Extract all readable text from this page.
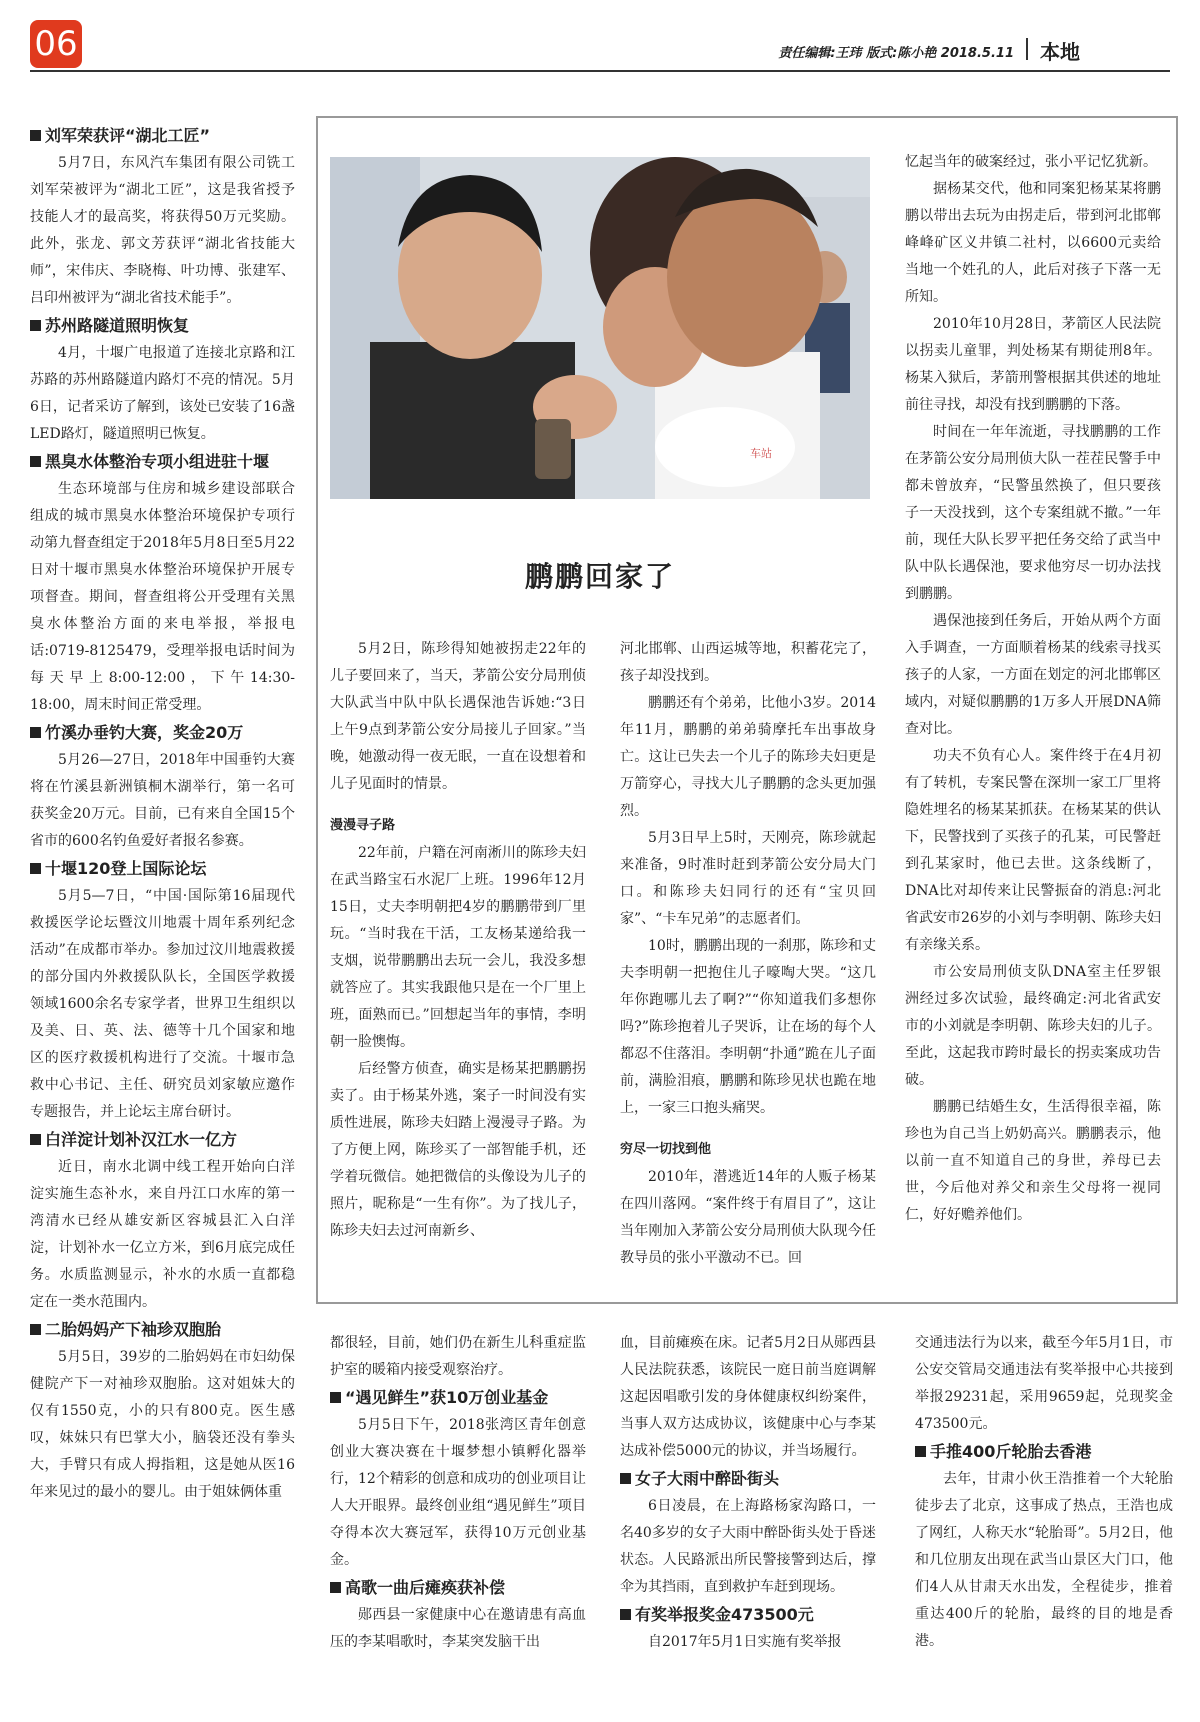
06	责任编辑:王玮 版式:陈小艳 2018.5.11 本地
刘军荣获评“湖北工匠”

5月7日，东风汽车集团有限公司铣工刘军荣被评为“湖北工匠”，这是我省授予技能人才的最高奖，将获得50万元奖励。此外，张龙、郭文芳获评“湖北省技能大师”，宋伟庆、李晓梅、叶功博、张建军、吕印州被评为“湖北省技术能手”。

苏州路隧道照明恢复

4月，十堰广电报道了连接北京路和江苏路的苏州路隧道内路灯不亮的情况。5月6日，记者采访了解到，该处已安装了16盏LED路灯，隧道照明已恢复。

黑臭水体整治专项小组进驻十堰

生态环境部与住房和城乡建设部联合组成的城市黑臭水体整治环境保护专项行动第九督查组定于2018年5月8日至5月22日对十堰市黑臭水体整治环境保护开展专项督查。期间，督查组将公开受理有关黑臭水体整治方面的来电举报，举报电话:0719-8125479，受理举报电话时间为每天早上8:00-12:00，下午14:30-18:00，周末时间正常受理。

竹溪办垂钓大赛，奖金20万

5月26—27日，2018年中国垂钓大赛将在竹溪县新洲镇桐木湖举行，第一名可获奖金20万元。目前，已有来自全国15个省市的600名钓鱼爱好者报名参赛。

十堰120登上国际论坛

5月5—7日，“中国·国际第16届现代救援医学论坛暨汶川地震十周年系列纪念活动”在成都市举办。参加过汶川地震救援的部分国内外救援队队长，全国医学救援领域1600余名专家学者，世界卫生组织以及美、日、英、法、德等十几个国家和地区的医疗救援机构进行了交流。十堰市急救中心书记、主任、研究员刘家敏应邀作专题报告，并上论坛主席台研讨。

白洋淀计划补汉江水一亿方

近日，南水北调中线工程开始向白洋淀实施生态补水，来自丹江口水库的第一湾清水已经从雄安新区容城县汇入白洋淀，计划补水一亿立方米，到6月底完成任务。水质监测显示，补水的水质一直都稳定在一类水范围内。

二胎妈妈产下袖珍双胞胎

5月5日，39岁的二胎妈妈在市妇幼保健院产下一对袖珍双胞胎。这对姐妹大的仅有1550克，小的只有800克。医生感叹，妹妹只有巴掌大小，脑袋还没有拳头大，手臂只有成人拇指粗，这是她从医16年来见过的最小的婴儿。由于姐妹俩体重

车站
鹏鹏回家了

5月2日，陈珍得知她被拐走22年的儿子要回来了，当天，茅箭公安分局刑侦大队武当中队中队长遇保池告诉她:“3日上午9点到茅箭公安分局接儿子回家。”当晚，她激动得一夜无眠，一直在设想着和儿子见面时的情景。

漫漫寻子路

22年前，户籍在河南淅川的陈珍夫妇在武当路宝石水泥厂上班。1996年12月15日，丈夫李明朝把4岁的鹏鹏带到厂里玩。“当时我在干活，工友杨某递给我一支烟，说带鹏鹏出去玩一会儿，我没多想就答应了。其实我跟他只是在一个厂里上班，面熟而已。”回想起当年的事情，李明朝一脸懊悔。

后经警方侦查，确实是杨某把鹏鹏拐卖了。由于杨某外逃，案子一时间没有实质性进展，陈珍夫妇踏上漫漫寻子路。为了方便上网，陈珍买了一部智能手机，还学着玩微信。她把微信的头像设为儿子的照片，昵称是“一生有你”。为了找儿子，陈珍夫妇去过河南新乡、

河北邯郸、山西运城等地，积蓄花完了，孩子却没找到。

鹏鹏还有个弟弟，比他小3岁。2014年11月，鹏鹏的弟弟骑摩托车出事故身亡。这让已失去一个儿子的陈珍夫妇更是万箭穿心，寻找大儿子鹏鹏的念头更加强烈。

5月3日早上5时，天刚亮，陈珍就起来准备，9时准时赶到茅箭公安分局大门口。和陈珍夫妇同行的还有“宝贝回家”、“卡车兄弟”的志愿者们。

10时，鹏鹏出现的一刹那，陈珍和丈夫李明朝一把抱住儿子嚎啕大哭。“这几年你跑哪儿去了啊?”“你知道我们多想你吗?”陈珍抱着儿子哭诉，让在场的每个人都忍不住落泪。李明朝“扑通”跪在儿子面前，满脸泪痕，鹏鹏和陈珍见状也跪在地上，一家三口抱头痛哭。

穷尽一切找到他

2010年，潜逃近14年的人贩子杨某在四川落网。“案件终于有眉目了”，这让当年刚加入茅箭公安分局刑侦大队现今任教导员的张小平激动不已。回

忆起当年的破案经过，张小平记忆犹新。

据杨某交代，他和同案犯杨某某将鹏鹏以带出去玩为由拐走后，带到河北邯郸峰峰矿区义井镇二社村，以6600元卖给当地一个姓孔的人，此后对孩子下落一无所知。

2010年10月28日，茅箭区人民法院以拐卖儿童罪，判处杨某有期徒刑8年。杨某入狱后，茅箭刑警根据其供述的地址前往寻找，却没有找到鹏鹏的下落。

时间在一年年流逝，寻找鹏鹏的工作在茅箭公安分局刑侦大队一茬茬民警手中都未曾放弃，“民警虽然换了，但只要孩子一天没找到，这个专案组就不撤。”一年前，现任大队长罗平把任务交给了武当中队中队长遇保池，要求他穷尽一切办法找到鹏鹏。

遇保池接到任务后，开始从两个方面入手调查，一方面顺着杨某的线索寻找买孩子的人家，一方面在划定的河北邯郸区域内，对疑似鹏鹏的1万多人开展DNA筛查对比。

功夫不负有心人。案件终于在4月初有了转机，专案民警在深圳一家工厂里将隐姓埋名的杨某某抓获。在杨某某的供认下，民警找到了买孩子的孔某，可民警赶到孔某家时，他已去世。这条线断了，DNA比对却传来让民警振奋的消息:河北省武安市26岁的小刘与李明朝、陈珍夫妇有亲缘关系。

市公安局刑侦支队DNA室主任罗银洲经过多次试验，最终确定:河北省武安市的小刘就是李明朝、陈珍夫妇的儿子。至此，这起我市跨时最长的拐卖案成功告破。

鹏鹏已结婚生女，生活得很幸福，陈珍也为自己当上奶奶高兴。鹏鹏表示，他以前一直不知道自己的身世，养母已去世，今后他对养父和亲生父母将一视同仁，好好赡养他们。

都很轻，目前，她们仍在新生儿科重症监护室的暖箱内接受观察治疗。

“遇见鲜生”获10万创业基金

5月5日下午，2018张湾区青年创意创业大赛决赛在十堰梦想小镇孵化器举行，12个精彩的创意和成功的创业项目让人大开眼界。最终创业组“遇见鲜生”项目夺得本次大赛冠军，获得10万元创业基金。

高歌一曲后瘫痪获补偿

郧西县一家健康中心在邀请患有高血压的李某唱歌时，李某突发脑干出

血，目前瘫痪在床。记者5月2日从郧西县人民法院获悉，该院民一庭日前当庭调解这起因唱歌引发的身体健康权纠纷案件，当事人双方达成协议，该健康中心与李某达成补偿5000元的协议，并当场履行。

女子大雨中醉卧街头

6日凌晨，在上海路杨家沟路口，一名40多岁的女子大雨中醉卧街头处于昏迷状态。人民路派出所民警接警到达后，撑伞为其挡雨，直到救护车赶到现场。

有奖举报奖金473500元

自2017年5月1日实施有奖举报

交通违法行为以来，截至今年5月1日，市公安交管局交通违法有奖举报中心共接到举报29231起，采用9659起，兑现奖金473500元。

手推400斤轮胎去香港

去年，甘肃小伙王浩推着一个大轮胎徒步去了北京，这事成了热点，王浩也成了网红，人称天水“轮胎哥”。5月2日，他和几位朋友出现在武当山景区大门口，他们4人从甘肃天水出发，全程徒步，推着重达400斤的轮胎，最终的目的地是香港。
